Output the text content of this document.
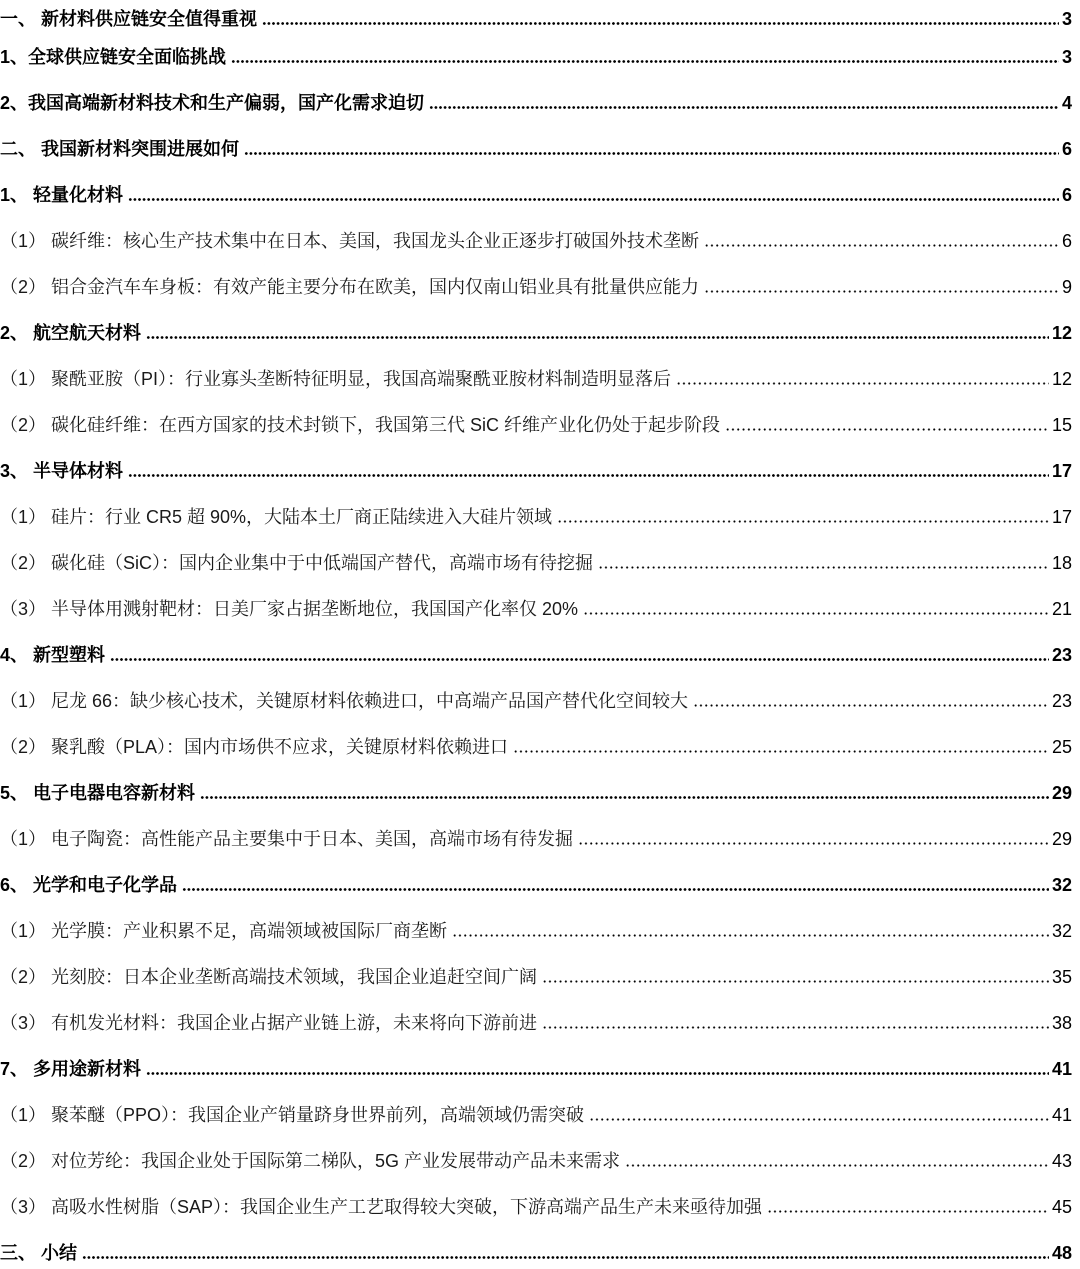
一、 新材料供应链安全值得重视	3
1、全球供应链安全面临挑战	3
2、我国高端新材料技术和生产偏弱，国产化需求迫切	4
二、 我国新材料突围进展如何	6
1、 轻量化材料	6
（1） 碳纤维：核心生产技术集中在日本、美国，我国龙头企业正逐步打破国外技术垄断	6
（2） 铝合金汽车车身板：有效产能主要分布在欧美，国内仅南山铝业具有批量供应能力	9
2、 航空航天材料	12
（1） 聚酰亚胺（PI）：行业寡头垄断特征明显，我国高端聚酰亚胺材料制造明显落后	12
（2） 碳化硅纤维：在西方国家的技术封锁下，我国第三代 SiC 纤维产业化仍处于起步阶段	15
3、 半导体材料	17
（1） 硅片：行业 CR5 超 90%，大陆本土厂商正陆续进入大硅片领域	17
（2） 碳化硅（SiC）：国内企业集中于中低端国产替代，高端市场有待挖掘	18
（3） 半导体用溅射靶材：日美厂家占据垄断地位，我国国产化率仅 20%	21
4、 新型塑料	23
（1） 尼龙 66：缺少核心技术，关键原材料依赖进口，中高端产品国产替代化空间较大	23
（2） 聚乳酸（PLA）：国内市场供不应求，关键原材料依赖进口	25
5、 电子电器电容新材料	29
（1） 电子陶瓷：高性能产品主要集中于日本、美国，高端市场有待发掘	29
6、 光学和电子化学品	32
（1） 光学膜：产业积累不足，高端领域被国际厂商垄断	32
（2） 光刻胶：日本企业垄断高端技术领域，我国企业追赶空间广阔	35
（3） 有机发光材料：我国企业占据产业链上游，未来将向下游前进	38
7、 多用途新材料	41
（1） 聚苯醚（PPO）：我国企业产销量跻身世界前列，高端领域仍需突破	41
（2） 对位芳纶：我国企业处于国际第二梯队，5G 产业发展带动产品未来需求	43
（3） 高吸水性树脂（SAP）：我国企业生产工艺取得较大突破，下游高端产品生产未来亟待加强	45
三、 小结	48
